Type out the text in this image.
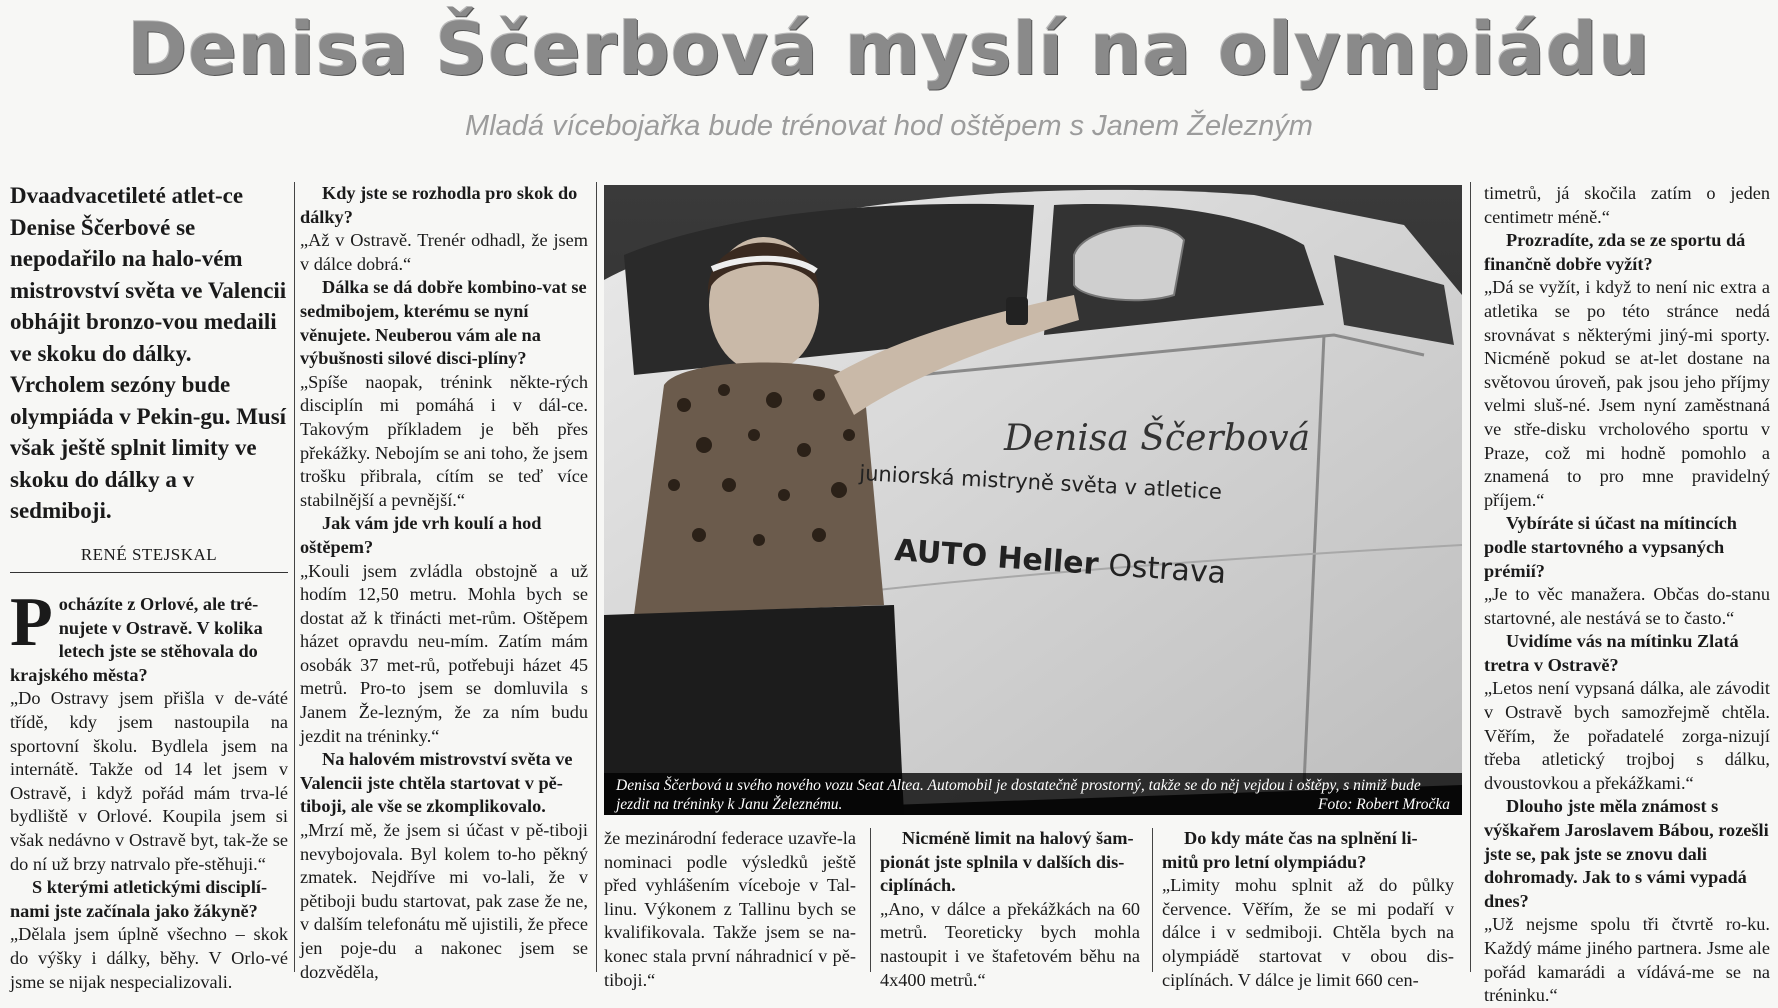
Denisa Ščerbová myslí na olympiádu
Mladá vícebojařka bude trénovat hod oštěpem s Janem Železným

Dvaadvacetileté atlet-ce Denise Ščerbové se nepodařilo na halo-vém mistrovství světa ve Valencii obhájit bronzo-vou medaili ve skoku do dálky. Vrcholem sezóny bude olympiáda v Pekin-gu. Musí však ještě splnit limity ve skoku do dálky a v sedmiboji.

RENÉ STEJSKAL

Pocházíte z Orlové, ale tré-nujete v Ostravě. V kolika letech jste se stěhovala do krajského města?

„Do Ostravy jsem přišla v de-váté třídě, kdy jsem nastoupila na sportovní školu. Bydlela jsem na internátě. Takže od 14 let jsem v Ostravě, i když pořád mám trva-lé bydliště v Orlové. Koupila jsem si však nedávno v Ostravě byt, tak-že se do ní už brzy natrvalo pře-stěhuji.“

S kterými atletickými disciplí-nami jste začínala jako žákyně?

„Dělala jsem úplně všechno – skok do výšky i dálky, běhy. V Orlo-vé jsme se nijak nespecializovali.

Kdy jste se rozhodla pro skok do dálky?

„Až v Ostravě. Trenér odhadl, že jsem v dálce dobrá.“

Dálka se dá dobře kombino-vat se sedmibojem, kterému se nyní věnujete. Neuberou vám ale na výbušnosti silové disci-plíny?

„Spíše naopak, trénink někte-rých disciplín mi pomáhá i v dál-ce. Takovým příkladem je běh přes překážky. Nebojím se ani toho, že jsem trošku přibrala, cítím se teď více stabilnější a pevnější.“

Jak vám jde vrh koulí a hod oštěpem?

„Kouli jsem zvládla obstojně a už hodím 12,50 metru. Mohla bych se dostat až k třinácti met-rům. Oštěpem házet opravdu neu-mím. Zatím mám osobák 37 met-rů, potřebuji házet 45 metrů. Pro-to jsem se domluvila s Janem Že-lezným, že za ním budu jezdit na tréninky.“

Na halovém mistrovství světa ve Valencii jste chtěla startovat v pě-tiboji, ale vše se zkomplikovalo.

„Mrzí mě, že jsem si účast v pě-tiboji nevybojovala. Byl kolem to-ho pěkný zmatek. Nejdříve mi vo-lali, že v pětiboji budu startovat, pak zase že ne, v dalším telefonátu mě ujistili, že přece jen poje-du a nakonec jsem se dozvěděla,

Denisa Ščerbová
juniorská mistryně světa v atletice
AUTO Heller Ostrava
Denisa Ščerbová u svého nového vozu Seat Altea. Automobil je dostatečně prostorný, takže se do něj vejdou i oštěpy, s nimiž bude jezdit na tréninky k Janu Železnému.	Foto: Robert Mročka

že mezinárodní federace uzavře-la nominaci podle výsledků ještě před vyhlášením víceboje v Tal-linu. Výkonem z Tallinu bych se kvalifikovala. Takže jsem se na-konec stala první náhradnicí v pě-tiboji.“

Nicméně limit na halový šam-pionát jste splnila v dalších dis-ciplínách.

„Ano, v dálce a překážkách na 60 metrů. Teoreticky bych mohla nastoupit i ve štafetovém běhu na 4x400 metrů.“

Do kdy máte čas na splnění li-mitů pro letní olympiádu?

„Limity mohu splnit až do půlky července. Věřím, že se mi podaří v dálce i v sedmiboji. Chtěla bych na olympiádě startovat v obou dis-ciplínách. V dálce je limit 660 cen-

timetrů, já skočila zatím o jeden centimetr méně.“

Prozradíte, zda se ze sportu dá finančně dobře vyžít?

„Dá se vyžít, i když to není nic extra a atletika se po této stránce nedá srovnávat s některými jiný-mi sporty. Nicméně pokud se at-let dostane na světovou úroveň, pak jsou jeho příjmy velmi sluš-né. Jsem nyní zaměstnaná ve stře-disku vrcholového sportu v Praze, což mi hodně pomohlo a znamená to pro mne pravidelný příjem.“

Vybíráte si účast na mítincích podle startovného a vypsaných prémií?

„Je to věc manažera. Občas do-stanu startovné, ale nestává se to často.“

Uvidíme vás na mítinku Zlatá tretra v Ostravě?

„Letos není vypsaná dálka, ale závodit v Ostravě bych samozřejmě chtěla. Věřím, že pořadatelé zorga-nizují třeba atletický trojboj s dálku, dvoustovkou a překážkami.“

Dlouho jste měla známost s výškařem Jaroslavem Bábou, rozešli jste se, pak jste se znovu dali dohromady. Jak to s vámi vypadá dnes?

„Už nejsme spolu tři čtvrtě ro-ku. Každý máme jiného partnera. Jsme ale pořád kamarádi a vídává-me se na tréninku.“
